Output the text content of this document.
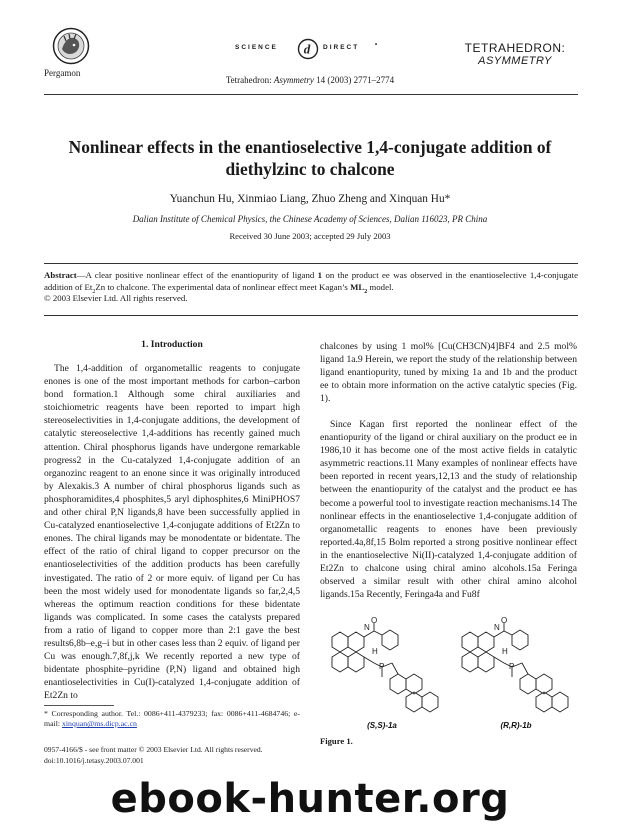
Pergamon
SCIENCE d DIRECT	•
Tetrahedron: Asymmetry 14 (2003) 2771–2774
TETRAHEDRON:
ASYMMETRY
Nonlinear effects in the enantioselective 1,4-conjugate addition of
diethylzinc to chalcone
Yuanchun Hu, Xinmiao Liang, Zhuo Zheng and Xinquan Hu*
Dalian Institute of Chemical Physics, the Chinese Academy of Sciences, Dalian 116023, PR China
Received 30 June 2003; accepted 29 July 2003
Abstract—A clear positive nonlinear effect of the enantiopurity of ligand 1 on the product ee was observed in the enantioselective 1,4-conjugate addition of $Et_2Zn$ to chalcone. The experimental data of nonlinear effect meet Kagan’s $ML_2$ model.
© 2003 Elsevier Ltd. All rights reserved.
1. Introduction

The 1,4-addition of organometallic reagents to conjugate enones is one of the most important methods for carbon–carbon bond formation.1 Although some chiral auxiliaries and stoichiometric reagents have been reported to impart high stereoselectivities in 1,4-conjugate additions, the development of catalytic stereoselective 1,4-additions has recently gained much attention. Chiral phosphorus ligands have undergone remarkable progress2 in the Cu-catalyzed 1,4-conjugate addition of an organozinc reagent to an enone since it was originally introduced by Alexakis.3 A number of chiral phosphorus ligands such as phosphoramidites,4 phosphites,5 aryl diphosphites,6 MiniPHOS7 and other chiral P,N ligands,8 have been successfully applied in Cu-catalyzed enantioselective 1,4-conjugate additions of Et2Zn to enones. The chiral ligands may be monodentate or bidentate. The effect of the ratio of chiral ligand to copper precursor on the enantioselectivities of the addition products has been carefully investigated. The ratio of 2 or more equiv. of ligand per Cu has been the most widely used for monodentate ligands so far,2,4,5 whereas the optimum reaction conditions for these bidentate ligands was complicated. In some cases the catalysts prepared from a ratio of ligand to copper more than 2:1 gave the best results6,8b–e,g–i but in other cases less than 2 equiv. of ligand per Cu was enough.7,8f,j,k We recently reported a new type of bidentate phosphite–pyridine (P,N) ligand and obtained high enantioselectivities in Cu(I)-catalyzed 1,4-conjugate addition of Et2Zn to

* Corresponding author. Tel.: 0086+411-4379233; fax: 0086+411-4684746; e-mail: xinquan@ms.dicp.ac.cn

chalcones by using 1 mol% [Cu(CH3CN)4]BF4 and 2.5 mol% ligand 1a.9 Herein, we report the study of the relationship between ligand enantiopurity, tuned by mixing 1a and 1b and the product ee to obtain more information on the active catalytic species (Fig. 1).

Since Kagan first reported the nonlinear effect of the enantiopurity of the ligand or chiral auxiliary on the product ee in 1986,10 it has become one of the most active fields in catalytic asymmetric reactions.11 Many examples of nonlinear effects have been reported in recent years,12,13 and the study of relationship between the enantiopurity of the catalyst and the product ee has become a powerful tool to investigate reaction mechanisms.14 The nonlinear effects in the enantioselective 1,4-conjugate addition of organometallic reagents to enones have been previously reported.4a,8f,15 Bolm reported a strong positive nonlinear effect in the enantioselective Ni(II)-catalyzed 1,4-conjugate addition of Et2Zn to chalcone using chiral amino alcohols.15a Feringa observed a similar result with other chiral amino alcohol ligands.15a Recently, Feringa4a and Fu8f

O
N
H
P
O
N
H
P
(S,S)-1a	(R,R)-1b
Figure 1.
0957-4166/$ - see front matter © 2003 Elsevier Ltd. All rights reserved.
doi:10.1016/j.tetasy.2003.07.001
ebook-hunter.org
